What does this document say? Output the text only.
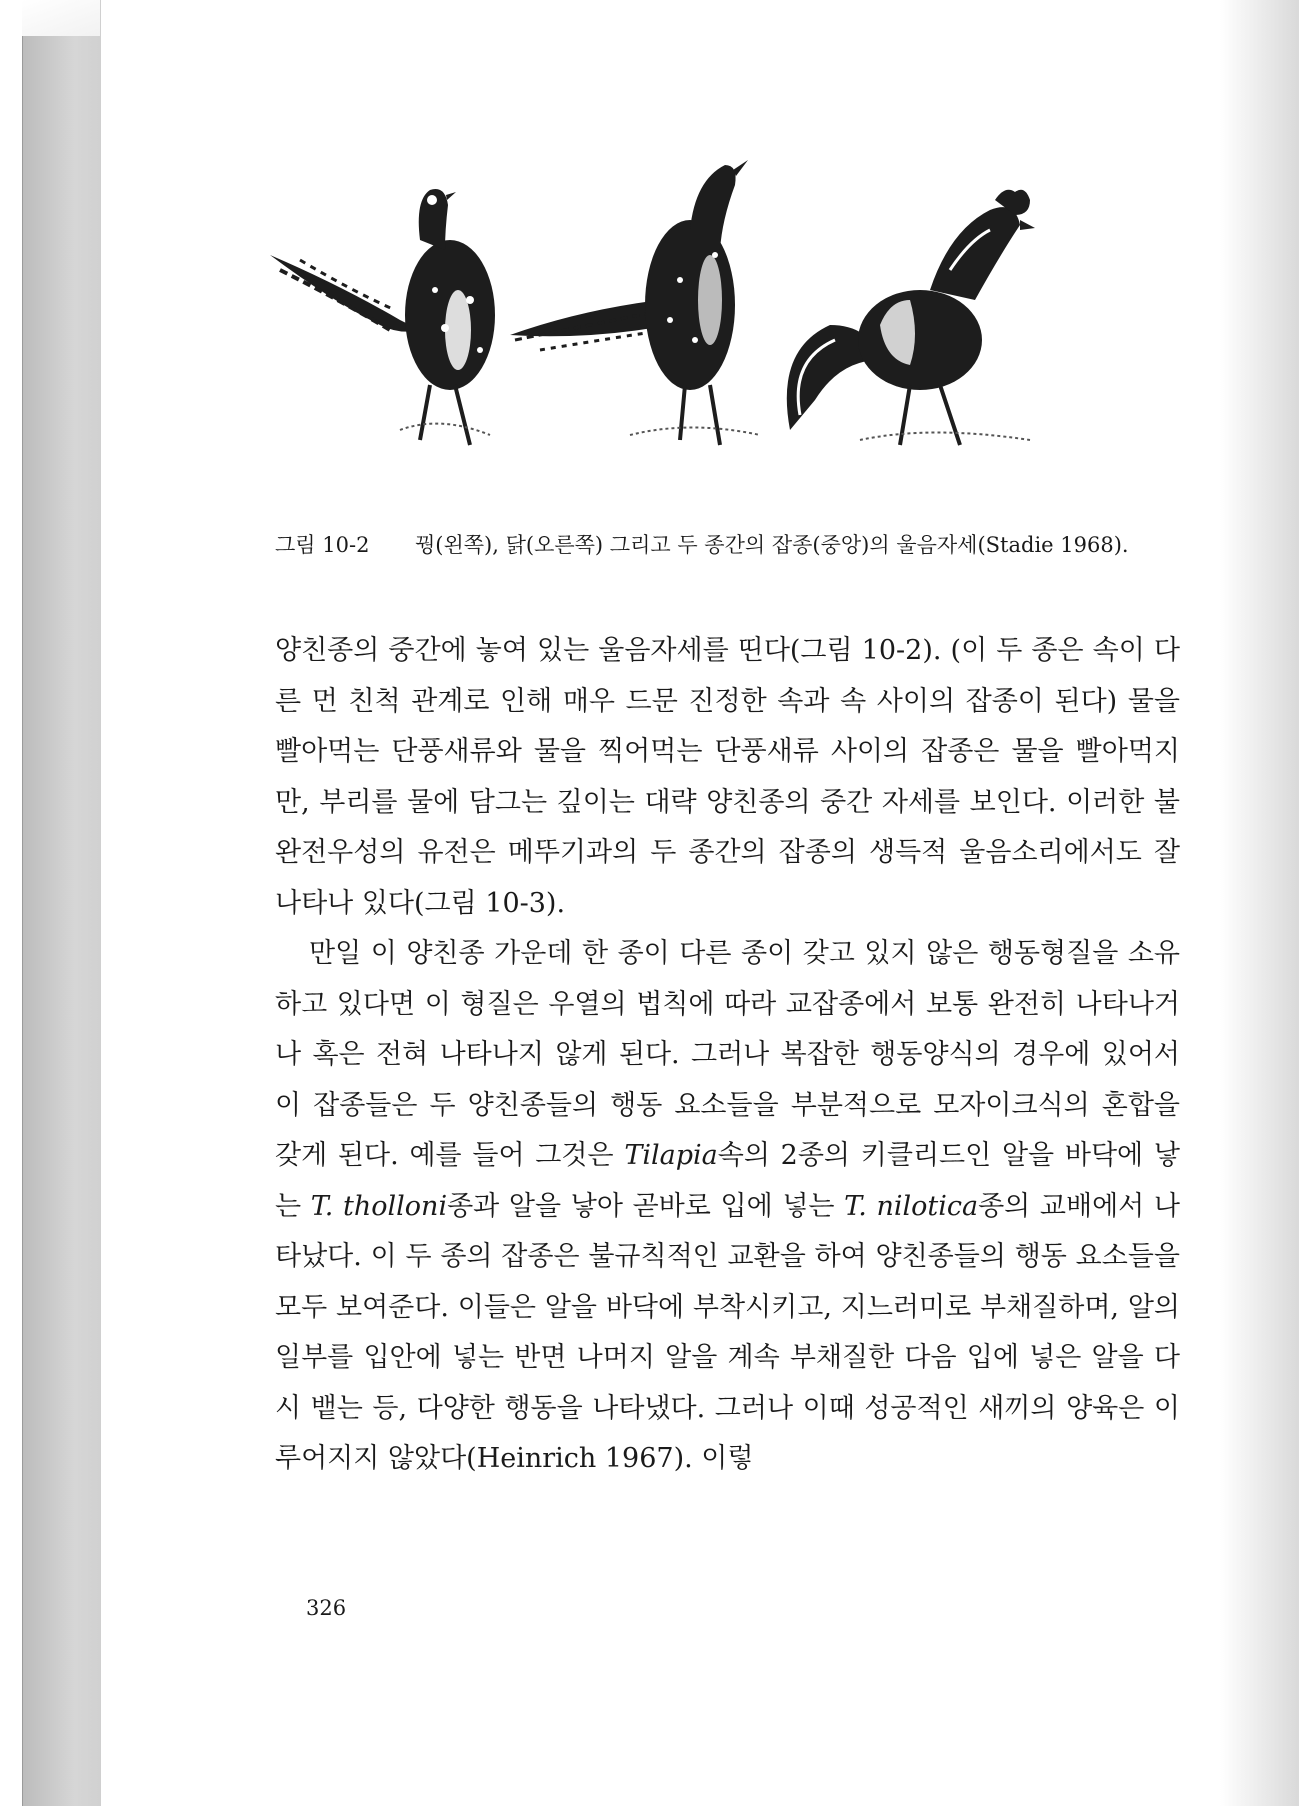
그림 10-2 꿩(왼쪽), 닭(오른쪽) 그리고 두 종간의 잡종(중앙)의 울음자세(Stadie 1968).

양친종의 중간에 놓여 있는 울음자세를 띤다(그림 10-2). (이 두 종은 속이 다른 먼 친척 관계로 인해 매우 드문 진정한 속과 속 사이의 잡종이 된다) 물을 빨아먹는 단풍새류와 물을 찍어먹는 단풍새류 사이의 잡종은 물을 빨아먹지만, 부리를 물에 담그는 깊이는 대략 양친종의 중간 자세를 보인다. 이러한 불완전우성의 유전은 메뚜기과의 두 종간의 잡종의 생득적 울음소리에서도 잘 나타나 있다(그림 10-3).

만일 이 양친종 가운데 한 종이 다른 종이 갖고 있지 않은 행동형질을 소유하고 있다면 이 형질은 우열의 법칙에 따라 교잡종에서 보통 완전히 나타나거나 혹은 전혀 나타나지 않게 된다. 그러나 복잡한 행동양식의 경우에 있어서 이 잡종들은 두 양친종들의 행동 요소들을 부분적으로 모자이크식의 혼합을 갖게 된다. 예를 들어 그것은 Tilapia속의 2종의 키클리드인 알을 바닥에 낳는 T. tholloni종과 알을 낳아 곧바로 입에 넣는 T. nilotica종의 교배에서 나타났다. 이 두 종의 잡종은 불규칙적인 교환을 하여 양친종들의 행동 요소들을 모두 보여준다. 이들은 알을 바닥에 부착시키고, 지느러미로 부채질하며, 알의 일부를 입안에 넣는 반면 나머지 알을 계속 부채질한 다음 입에 넣은 알을 다시 뱉는 등, 다양한 행동을 나타냈다. 그러나 이때 성공적인 새끼의 양육은 이루어지지 않았다(Heinrich 1967). 이렇

326
